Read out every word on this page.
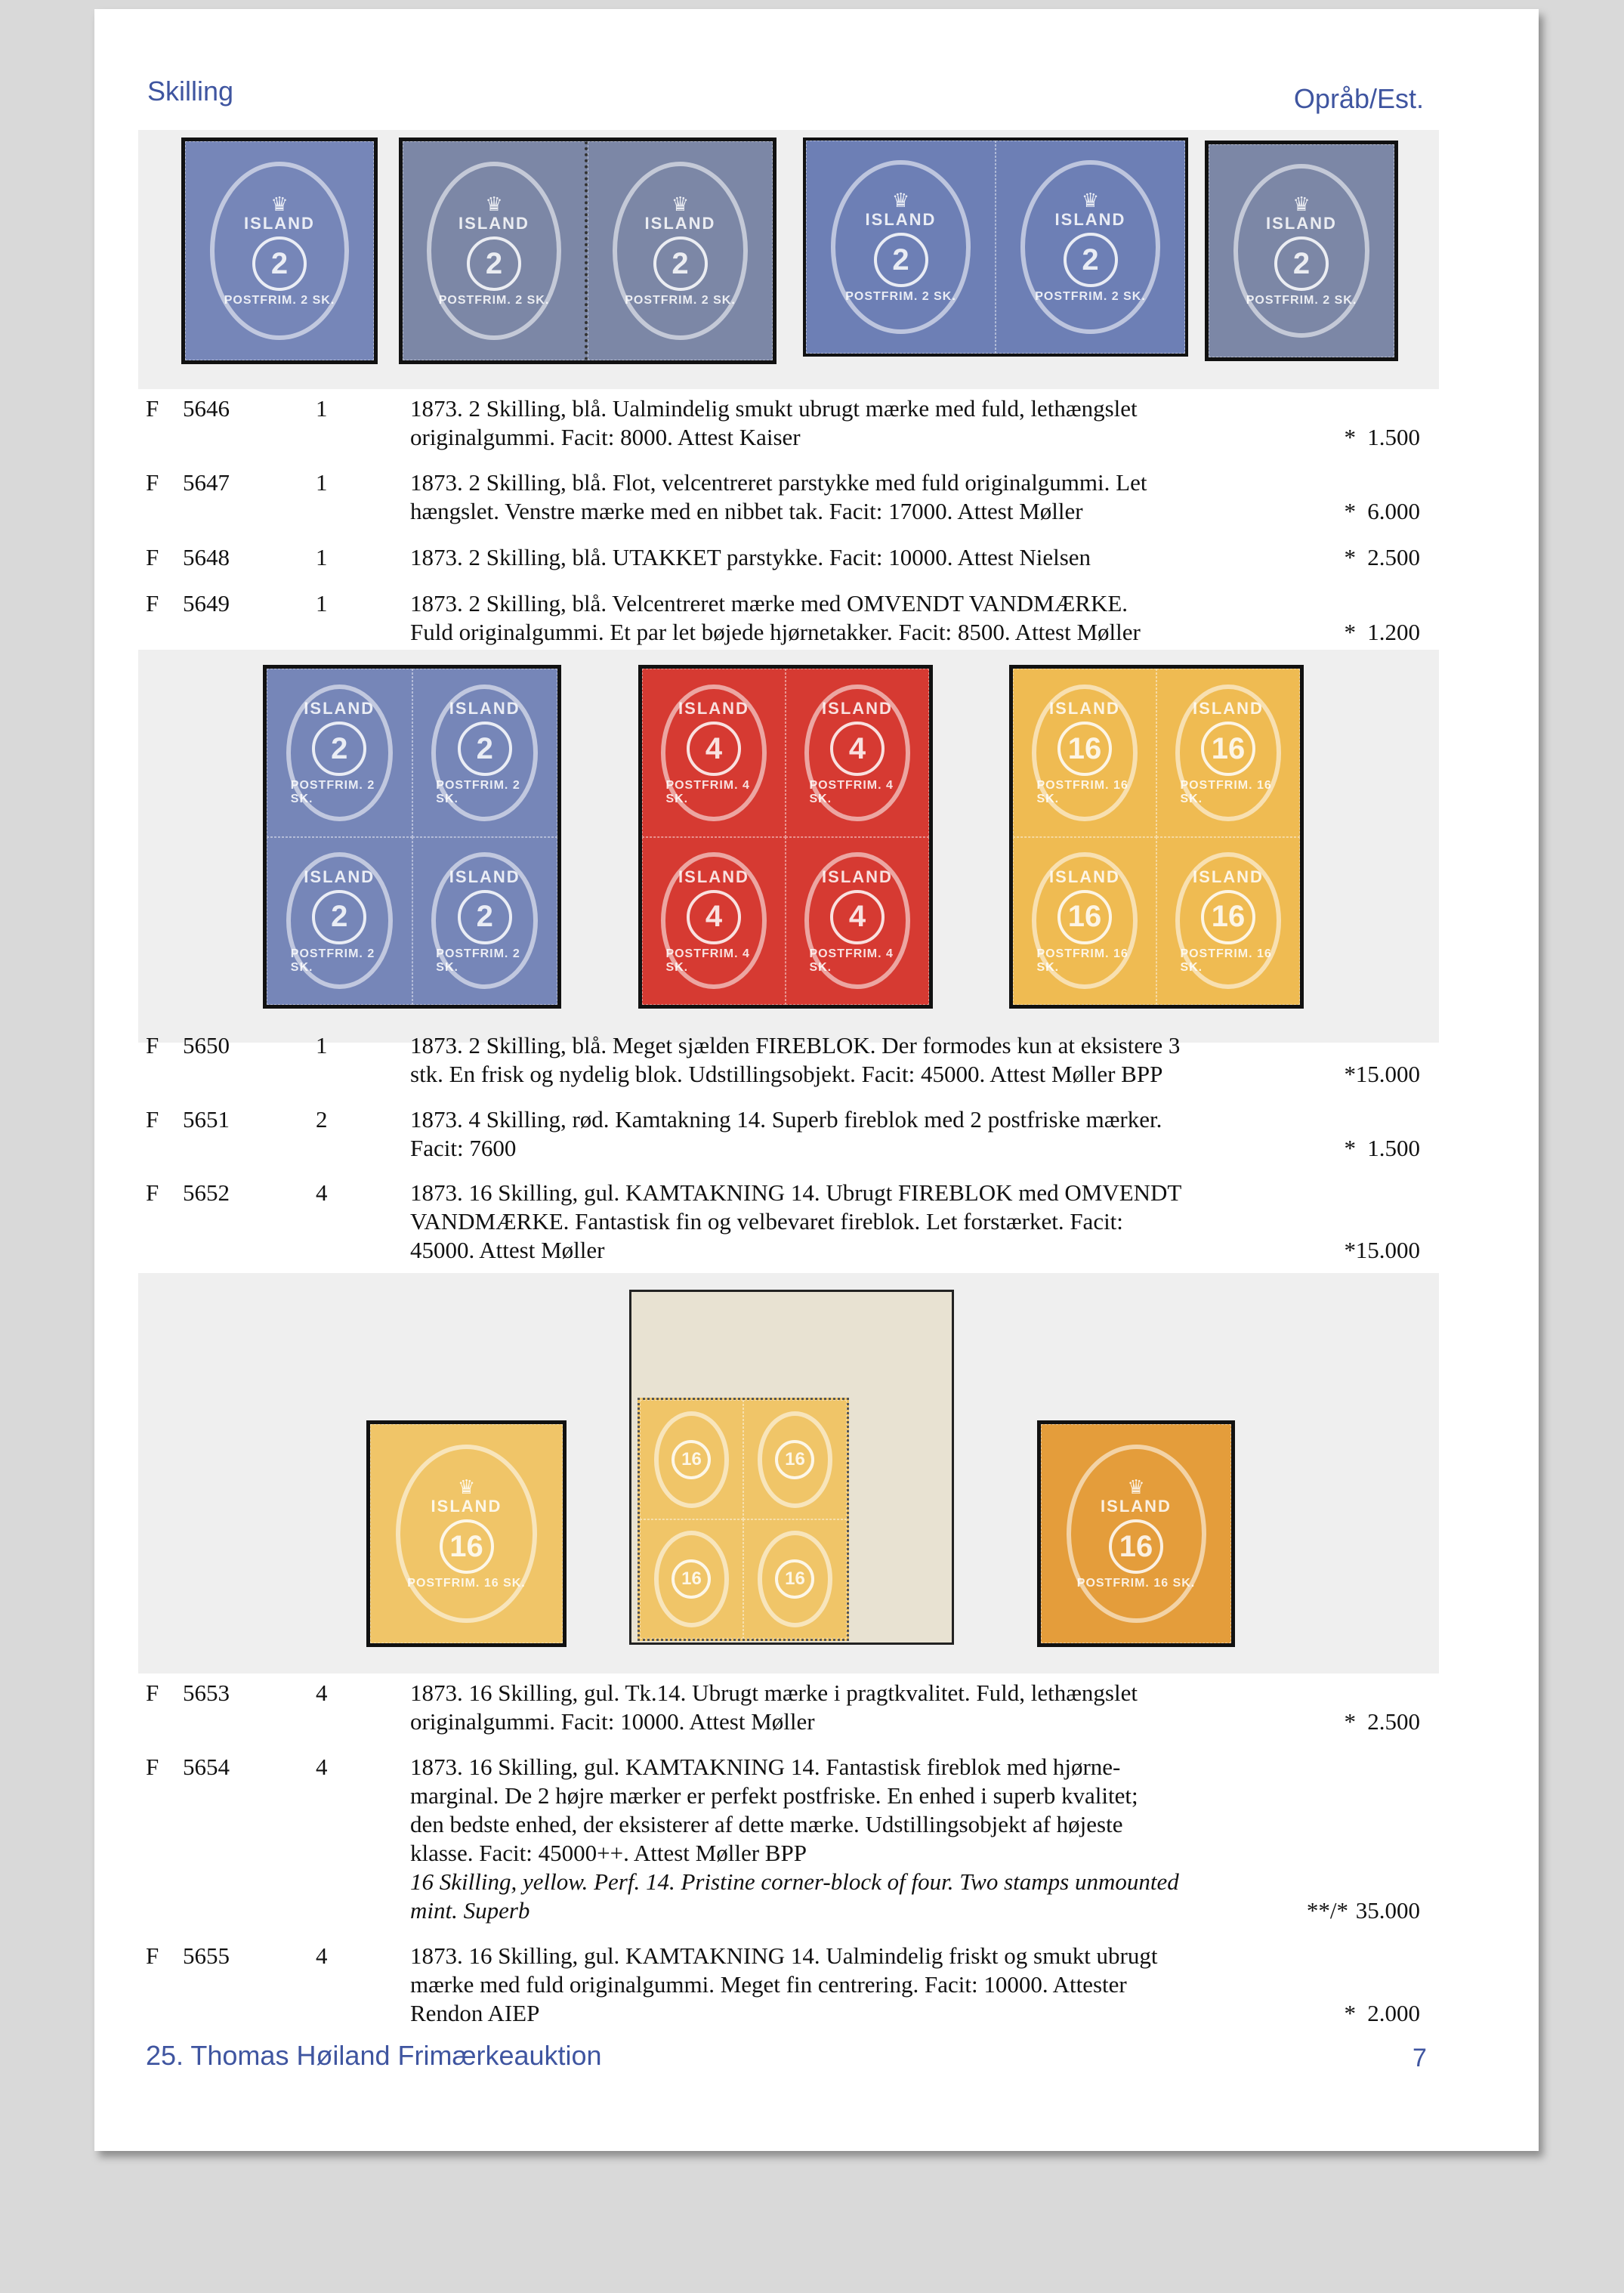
Skilling	Opråb/Est.
♛
ISLAND
2
POSTFRIM. 2 SK.
♛
ISLAND
2
POSTFRIM. 2 SK.
♛
ISLAND
2
POSTFRIM. 2 SK.
♛
ISLAND
2
POSTFRIM. 2 SK.
♛
ISLAND
2
POSTFRIM. 2 SK.
♛
ISLAND
2
POSTFRIM. 2 SK.
F 5646	1	1873. 2 Skilling, blå. Ualmindelig smukt ubrugt mærke med fuld, lethængslet
originalgummi. Facit: 8000. Attest Kaiser	* 1.500
F 5647	1	1873. 2 Skilling, blå. Flot, velcentreret parstykke med fuld originalgummi. Let
hængslet. Venstre mærke med en nibbet tak. Facit: 17000. Attest Møller	* 6.000
F 5648	1	1873. 2 Skilling, blå. UTAKKET parstykke. Facit: 10000. Attest Nielsen	* 2.500
F 5649	1	1873. 2 Skilling, blå. Velcentreret mærke med OMVENDT VANDMÆRKE.
Fuld originalgummi. Et par let bøjede hjørnetakker. Facit: 8500. Attest Møller	* 1.200
ISLAND
2
POSTFRIM. 2 SK.
ISLAND
2
POSTFRIM. 2 SK.
ISLAND
2
POSTFRIM. 2 SK.
ISLAND
2
POSTFRIM. 2 SK.
ISLAND
4
POSTFRIM. 4 SK.
ISLAND
4
POSTFRIM. 4 SK.
ISLAND
4
POSTFRIM. 4 SK.
ISLAND
4
POSTFRIM. 4 SK.
ISLAND
16
POSTFRIM. 16 SK.
ISLAND
16
POSTFRIM. 16 SK.
ISLAND
16
POSTFRIM. 16 SK.
ISLAND
16
POSTFRIM. 16 SK.
F 5650	1	1873. 2 Skilling, blå. Meget sjælden FIREBLOK. Der formodes kun at eksistere 3
stk. En frisk og nydelig blok. Udstillingsobjekt. Facit: 45000. Attest Møller BPP	* 15.000
F 5651	2	1873. 4 Skilling, rød. Kamtakning 14. Superb fireblok med 2 postfriske mærker.
Facit: 7600	* 1.500
F 5652	4	1873. 16 Skilling, gul. KAMTAKNING 14. Ubrugt FIREBLOK med OMVENDT
VANDMÆRKE. Fantastisk fin og velbevaret fireblok. Let forstærket. Facit:
45000. Attest Møller	* 15.000
♛
ISLAND
16
POSTFRIM. 16 SK.
16	16
16	16
♛
ISLAND
16
POSTFRIM. 16 SK.
F 5653	4	1873. 16 Skilling, gul. Tk.14. Ubrugt mærke i pragtkvalitet. Fuld, lethængslet
originalgummi. Facit: 10000. Attest Møller	* 2.500
F 5654	4	1873. 16 Skilling, gul. KAMTAKNING 14. Fantastisk fireblok med hjørne-
marginal. De 2 højre mærker er perfekt postfriske. En enhed i superb kvalitet;
den bedste enhed, der eksisterer af dette mærke. Udstillingsobjekt af højeste
klasse. Facit: 45000++. Attest Møller BPP
16 Skilling, yellow. Perf. 14. Pristine corner-block of four. Two stamps unmounted
mint. Superb	**/* 35.000
F 5655	4	1873. 16 Skilling, gul. KAMTAKNING 14. Ualmindelig friskt og smukt ubrugt
mærke med fuld originalgummi. Meget fin centrering. Facit: 10000. Attester
Rendon AIEP	* 2.000
25. Thomas Høiland Frimærkeauktion	7
